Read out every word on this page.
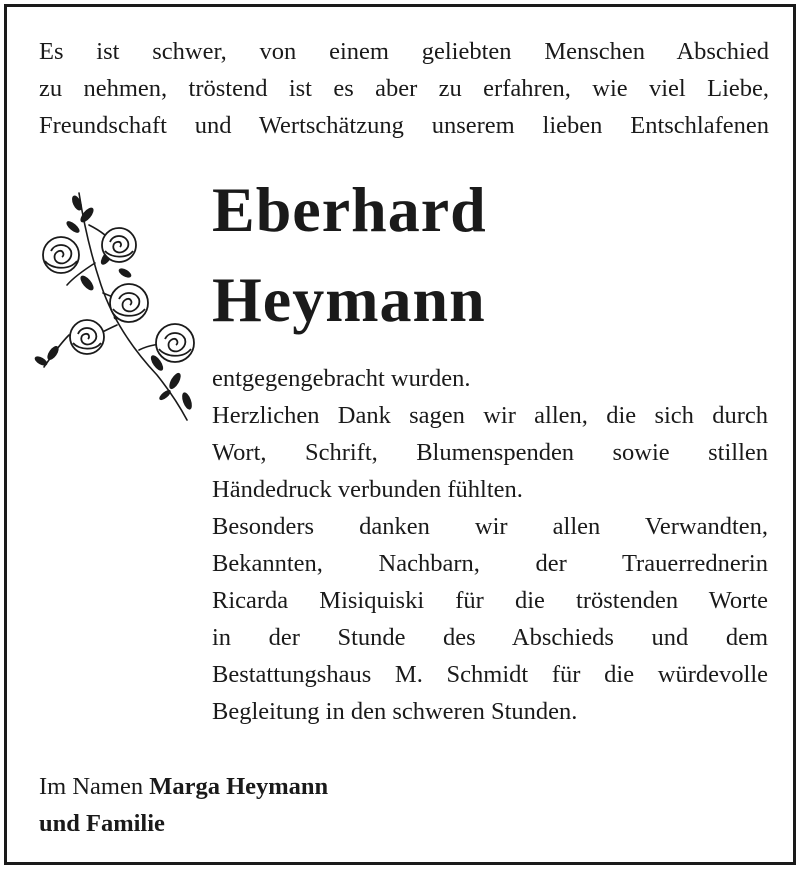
Es ist schwer, von einem geliebten Menschen Abschied
zu nehmen, tröstend ist es aber zu erfahren, wie viel Liebe,
Freundschaft und Wertschätzung unserem lieben Entschlafenen
Eberhard
Heymann
entgegengebracht wurden.
Herzlichen Dank sagen wir allen, die sich durch
Wort, Schrift, Blumenspenden sowie stillen
Händedruck verbunden fühlten.
Besonders danken wir allen Verwandten,
Bekannten, Nachbarn, der Trauerrednerin
Ricarda Misiquiski für die tröstenden Worte
in der Stunde des Abschieds und dem
Bestattungshaus M. Schmidt für die würdevolle
Begleitung in den schweren Stunden.
Im Namen Marga Heymann
und Familie
